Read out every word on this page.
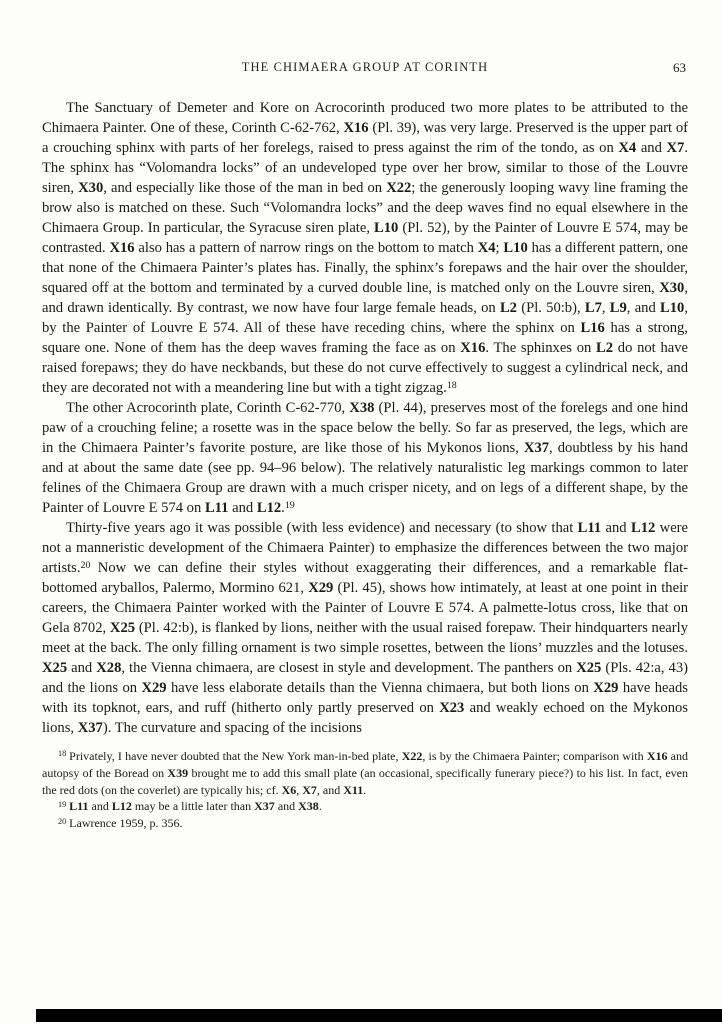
THE CHIMAERA GROUP AT CORINTH	63

The Sanctuary of Demeter and Kore on Acrocorinth produced two more plates to be attributed to the Chimaera Painter. One of these, Corinth C-62-762, X16 (Pl. 39), was very large. Preserved is the upper part of a crouching sphinx with parts of her forelegs, raised to press against the rim of the tondo, as on X4 and X7. The sphinx has “Volomandra locks” of an undeveloped type over her brow, similar to those of the Louvre siren, X30, and especially like those of the man in bed on X22; the generously looping wavy line framing the brow also is matched on these. Such “Volomandra locks” and the deep waves find no equal elsewhere in the Chimaera Group. In particular, the Syracuse siren plate, L10 (Pl. 52), by the Painter of Louvre E 574, may be contrasted. X16 also has a pattern of narrow rings on the bottom to match X4; L10 has a different pattern, one that none of the Chimaera Painter’s plates has. Finally, the sphinx’s forepaws and the hair over the shoulder, squared off at the bottom and terminated by a curved double line, is matched only on the Louvre siren, X30, and drawn identically. By contrast, we now have four large female heads, on L2 (Pl. 50:b), L7, L9, and L10, by the Painter of Louvre E 574. All of these have receding chins, where the sphinx on L16 has a strong, square one. None of them has the deep waves framing the face as on X16. The sphinxes on L2 do not have raised forepaws; they do have neckbands, but these do not curve effectively to suggest a cylindrical neck, and they are decorated not with a meandering line but with a tight zigzag.$^{18}$

The other Acrocorinth plate, Corinth C-62-770, X38 (Pl. 44), preserves most of the forelegs and one hind paw of a crouching feline; a rosette was in the space below the belly. So far as preserved, the legs, which are in the Chimaera Painter’s favorite posture, are like those of his Mykonos lions, X37, doubtless by his hand and at about the same date (see pp. 94–96 below). The relatively naturalistic leg markings common to later felines of the Chimaera Group are drawn with a much crisper nicety, and on legs of a different shape, by the Painter of Louvre E 574 on L11 and L12.19

Thirty-five years ago it was possible (with less evidence) and necessary (to show that L11 and L12 were not a manneristic development of the Chimaera Painter) to emphasize the differences between the two major artists.$^{20}$ Now we can define their styles without exaggerating their differences, and a remarkable flat-bottomed aryballos, Palermo, Mormino 621, X29 (Pl. 45), shows how intimately, at least at one point in their careers, the Chimaera Painter worked with the Painter of Louvre E 574. A palmette-lotus cross, like that on Gela 8702, X25 (Pl. 42:b), is flanked by lions, neither with the usual raised forepaw. Their hindquarters nearly meet at the back. The only filling ornament is two simple rosettes, between the lions’ muzzles and the lotuses. X25 and X28, the Vienna chimaera, are closest in style and development. The panthers on X25 (Pls. 42:a, 43) and the lions on X29 have less elaborate details than the Vienna chimaera, but both lions on X29 have heads with its topknot, ears, and ruff (hitherto only partly preserved on X23 and weakly echoed on the Mykonos lions, X37). The curvature and spacing of the incisions

$^{18}$ Privately, I have never doubted that the New York man-in-bed plate, X22, is by the Chimaera Painter; comparison with X16 and autopsy of the Boread on X39 brought me to add this small plate (an occasional, specifically funerary piece?) to his list. In fact, even the red dots (on the coverlet) are typically his; cf. X6, X7, and X11.

$^{19}$ L11 and L12 may be a little later than X37 and X38.

$^{20}$ Lawrence 1959, p. 356.
